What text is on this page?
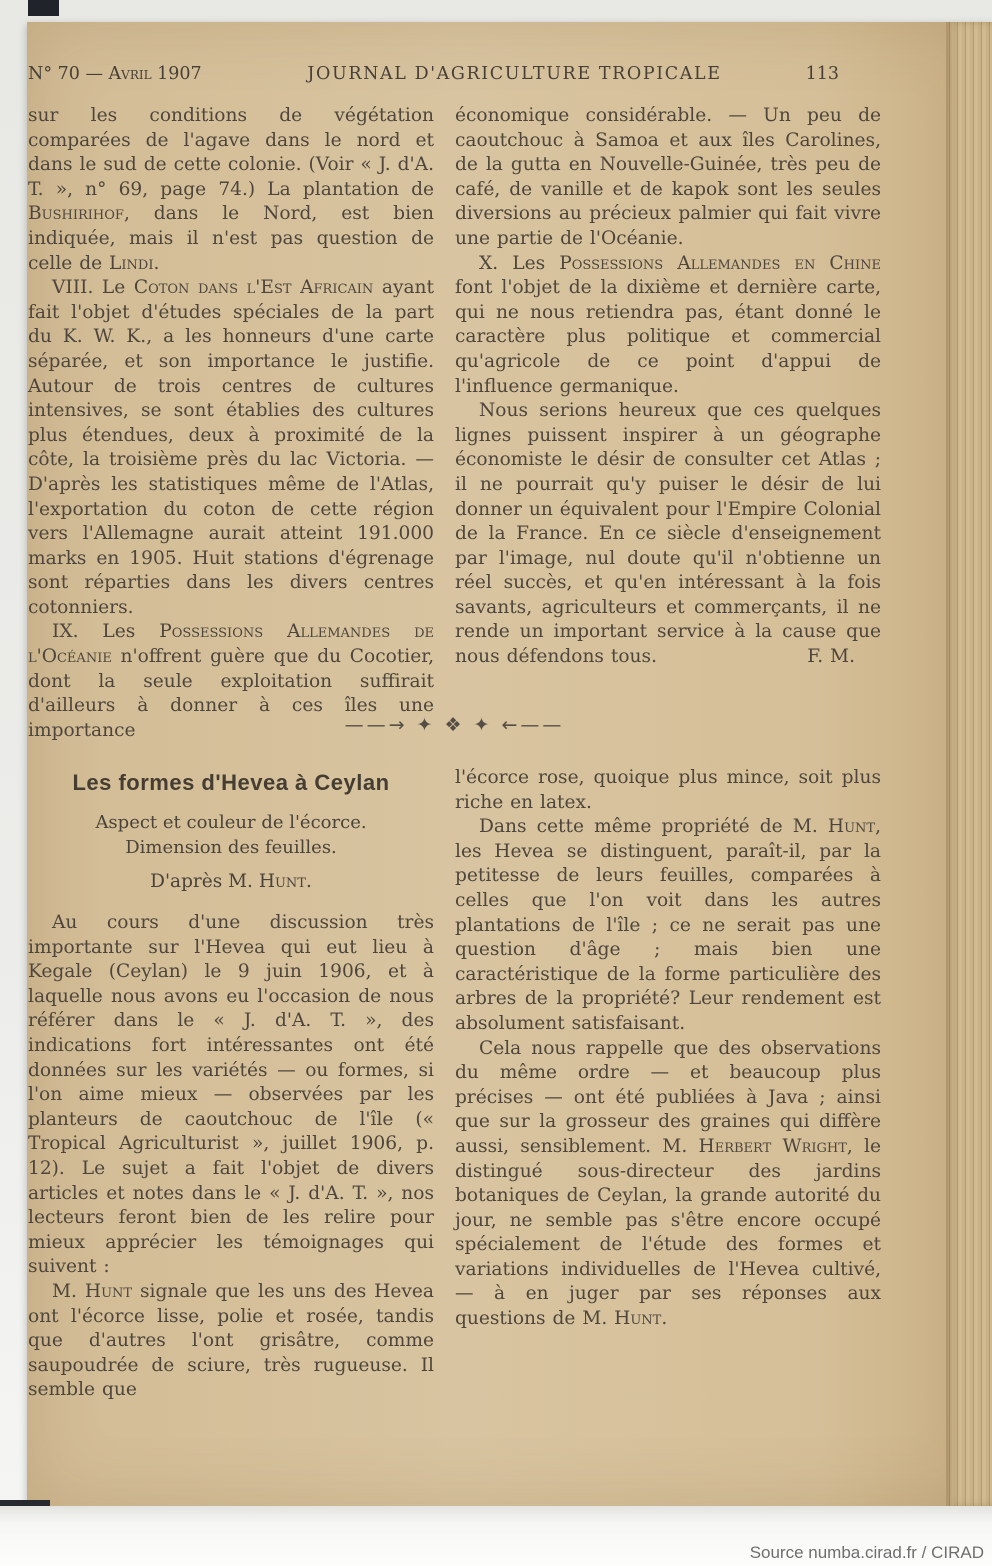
N° 70 — Avril 1907	JOURNAL D'AGRICULTURE TROPICALE	113

sur les conditions de végétation comparées de l'agave dans le nord et dans le sud de cette colonie. (Voir « J. d'A. T. », n° 69, page 74.) La plantation de Bushirihof, dans le Nord, est bien indiquée, mais il n'est pas question de celle de Lindi.

VIII. Le Coton dans l'Est Africain ayant fait l'objet d'études spéciales de la part du K. W. K., a les honneurs d'une carte séparée, et son importance le justifie. Autour de trois centres de cultures intensives, se sont établies des cultures plus étendues, deux à proximité de la côte, la troisième près du lac Victoria. — D'après les statistiques même de l'Atlas, l'exportation du coton de cette région vers l'Allemagne aurait atteint 191.000 marks en 1905. Huit stations d'égrenage sont réparties dans les divers centres cotonniers.

IX. Les Possessions Allemandes de l'Océanie n'offrent guère que du Cocotier, dont la seule exploitation suffirait d'ailleurs à donner à ces îles une importance

économique considérable. — Un peu de caoutchouc à Samoa et aux îles Carolines, de la gutta en Nouvelle-Guinée, très peu de café, de vanille et de kapok sont les seules diversions au précieux palmier qui fait vivre une partie de l'Océanie.

X. Les Possessions Allemandes en Chine font l'objet de la dixième et dernière carte, qui ne nous retiendra pas, étant donné le caractère plus politique et commercial qu'agricole de ce point d'appui de l'influence germanique.

Nous serions heureux que ces quelques lignes puissent inspirer à un géographe économiste le désir de consulter cet Atlas ; il ne pourrait qu'y puiser le désir de lui donner un équivalent pour l'Empire Colonial de la France. En ce siècle d'enseignement par l'image, nul doute qu'il n'obtienne un réel succès, et qu'en intéressant à la fois savants, agriculteurs et commerçants, il ne rende un important service à la cause que nous défendons tous.	F. M.

——→ ✦ ❖ ✦ ←——
Les formes d'Hevea à Ceylan
Aspect et couleur de l'écorce.
Dimension des feuilles.
D'après M. Hunt.

Au cours d'une discussion très importante sur l'Hevea qui eut lieu à Kegale (Ceylan) le 9 juin 1906, et à laquelle nous avons eu l'occasion de nous référer dans le « J. d'A. T. », des indications fort intéressantes ont été données sur les variétés — ou formes, si l'on aime mieux — observées par les planteurs de caoutchouc de l'île (« Tropical Agriculturist », juillet 1906, p. 12). Le sujet a fait l'objet de divers articles et notes dans le « J. d'A. T. », nos lecteurs feront bien de les relire pour mieux apprécier les témoignages qui suivent :

M. Hunt signale que les uns des Hevea ont l'écorce lisse, polie et rosée, tandis que d'autres l'ont grisâtre, comme saupoudrée de sciure, très rugueuse. Il semble que

l'écorce rose, quoique plus mince, soit plus riche en latex.

Dans cette même propriété de M. Hunt, les Hevea se distinguent, paraît-il, par la petitesse de leurs feuilles, comparées à celles que l'on voit dans les autres plantations de l'île ; ce ne serait pas une question d'âge ; mais bien une caractéristique de la forme particulière des arbres de la propriété? Leur rendement est absolument satisfaisant.

Cela nous rappelle que des observations du même ordre — et beaucoup plus précises — ont été publiées à Java ; ainsi que sur la grosseur des graines qui diffère aussi, sensiblement. M. Herbert Wright, le distingué sous-directeur des jardins botaniques de Ceylan, la grande autorité du jour, ne semble pas s'être encore occupé spécialement de l'étude des formes et variations individuelles de l'Hevea cultivé, — à en juger par ses réponses aux questions de M. Hunt.

Source numba.cirad.fr / CIRAD
